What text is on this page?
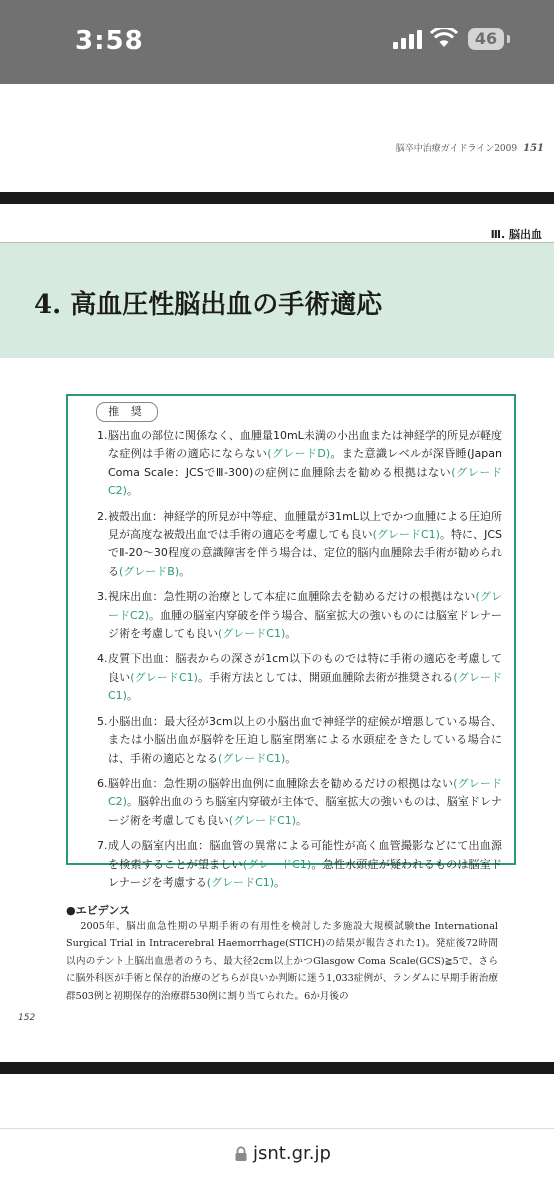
3:58	46
脳卒中治療ガイドライン2009 151
Ⅲ. 脳出血
4. 高血圧性脳出血の手術適応
推 奨
1. 脳出血の部位に関係なく、血腫量10mL未満の小出血または神経学的所見が軽度な症例は手術の適応にならない(グレードD)。また意識レベルが深昏睡(Japan Coma Scale：JCSでⅢ-300)の症例に血腫除去を勧める根拠はない(グレードC2)。
2. 被殻出血：神経学的所見が中等症、血腫量が31mL以上でかつ血腫による圧迫所見が高度な被殻出血では手術の適応を考慮しても良い(グレードC1)。特に、JCSでⅡ-20～30程度の意識障害を伴う場合は、定位的脳内血腫除去手術が勧められる(グレードB)。
3. 視床出血：急性期の治療として本症に血腫除去を勧めるだけの根拠はない(グレードC2)。血腫の脳室内穿破を伴う場合、脳室拡大の強いものには脳室ドレナージ術を考慮しても良い(グレードC1)。
4. 皮質下出血：脳表からの深さが1cm以下のものでは特に手術の適応を考慮して良い(グレードC1)。手術方法としては、開頭血腫除去術が推奨される(グレードC1)。
5. 小脳出血：最大径が3cm以上の小脳出血で神経学的症候が増悪している場合、または小脳出血が脳幹を圧迫し脳室閉塞による水頭症をきたしている場合には、手術の適応となる(グレードC1)。
6. 脳幹出血：急性期の脳幹出血例に血腫除去を勧めるだけの根拠はない(グレードC2)。脳幹出血のうち脳室内穿破が主体で、脳室拡大の強いものは、脳室ドレナージ術を考慮しても良い(グレードC1)。
7. 成人の脳室内出血：脳血管の異常による可能性が高く血管撮影などにて出血源を検索することが望ましい(グレードC1)。急性水頭症が疑われるものは脳室ドレナージを考慮する(グレードC1)。
●エビデンス

2005年、脳出血急性期の早期手術の有用性を検討した多施設大規模試験the International Surgical Trial in Intracerebral Haemorrhage(STICH)の結果が報告された1)。発症後72時間以内のテント上脳出血患者のうち、最大径2cm以上かつGlasgow Coma Scale(GCS)≧5で、さらに脳外科医が手術と保存的治療のどちらが良いか判断に迷う1,033症例が、ランダムに早期手術治療群503例と初期保存的治療群530例に割り当てられた。6か月後の

152
jsnt.gr.jp
